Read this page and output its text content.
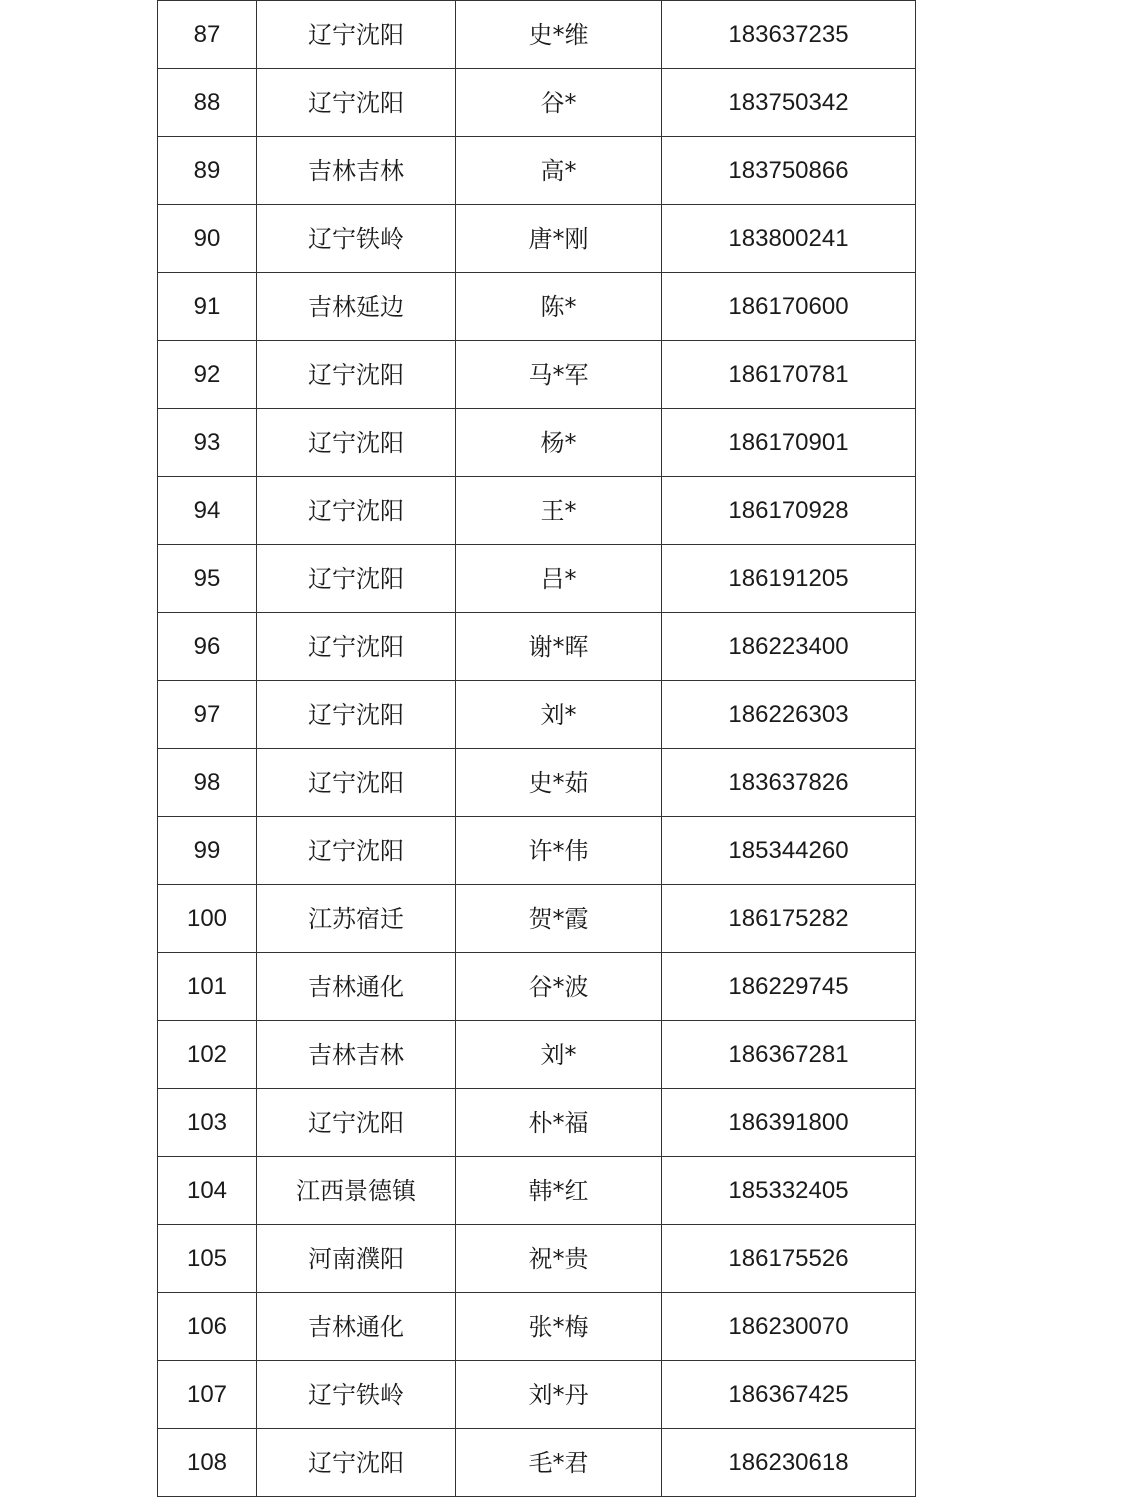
87	辽宁沈阳	史*维	183637235
88	辽宁沈阳	谷*	183750342
89	吉林吉林	高*	183750866
90	辽宁铁岭	唐*刚	183800241
91	吉林延边	陈*	186170600
92	辽宁沈阳	马*军	186170781
93	辽宁沈阳	杨*	186170901
94	辽宁沈阳	王*	186170928
95	辽宁沈阳	吕*	186191205
96	辽宁沈阳	谢*晖	186223400
97	辽宁沈阳	刘*	186226303
98	辽宁沈阳	史*茹	183637826
99	辽宁沈阳	许*伟	185344260
100	江苏宿迁	贺*霞	186175282
101	吉林通化	谷*波	186229745
102	吉林吉林	刘*	186367281
103	辽宁沈阳	朴*福	186391800
104	江西景德镇	韩*红	185332405
105	河南濮阳	祝*贵	186175526
106	吉林通化	张*梅	186230070
107	辽宁铁岭	刘*丹	186367425
108	辽宁沈阳	毛*君	186230618
